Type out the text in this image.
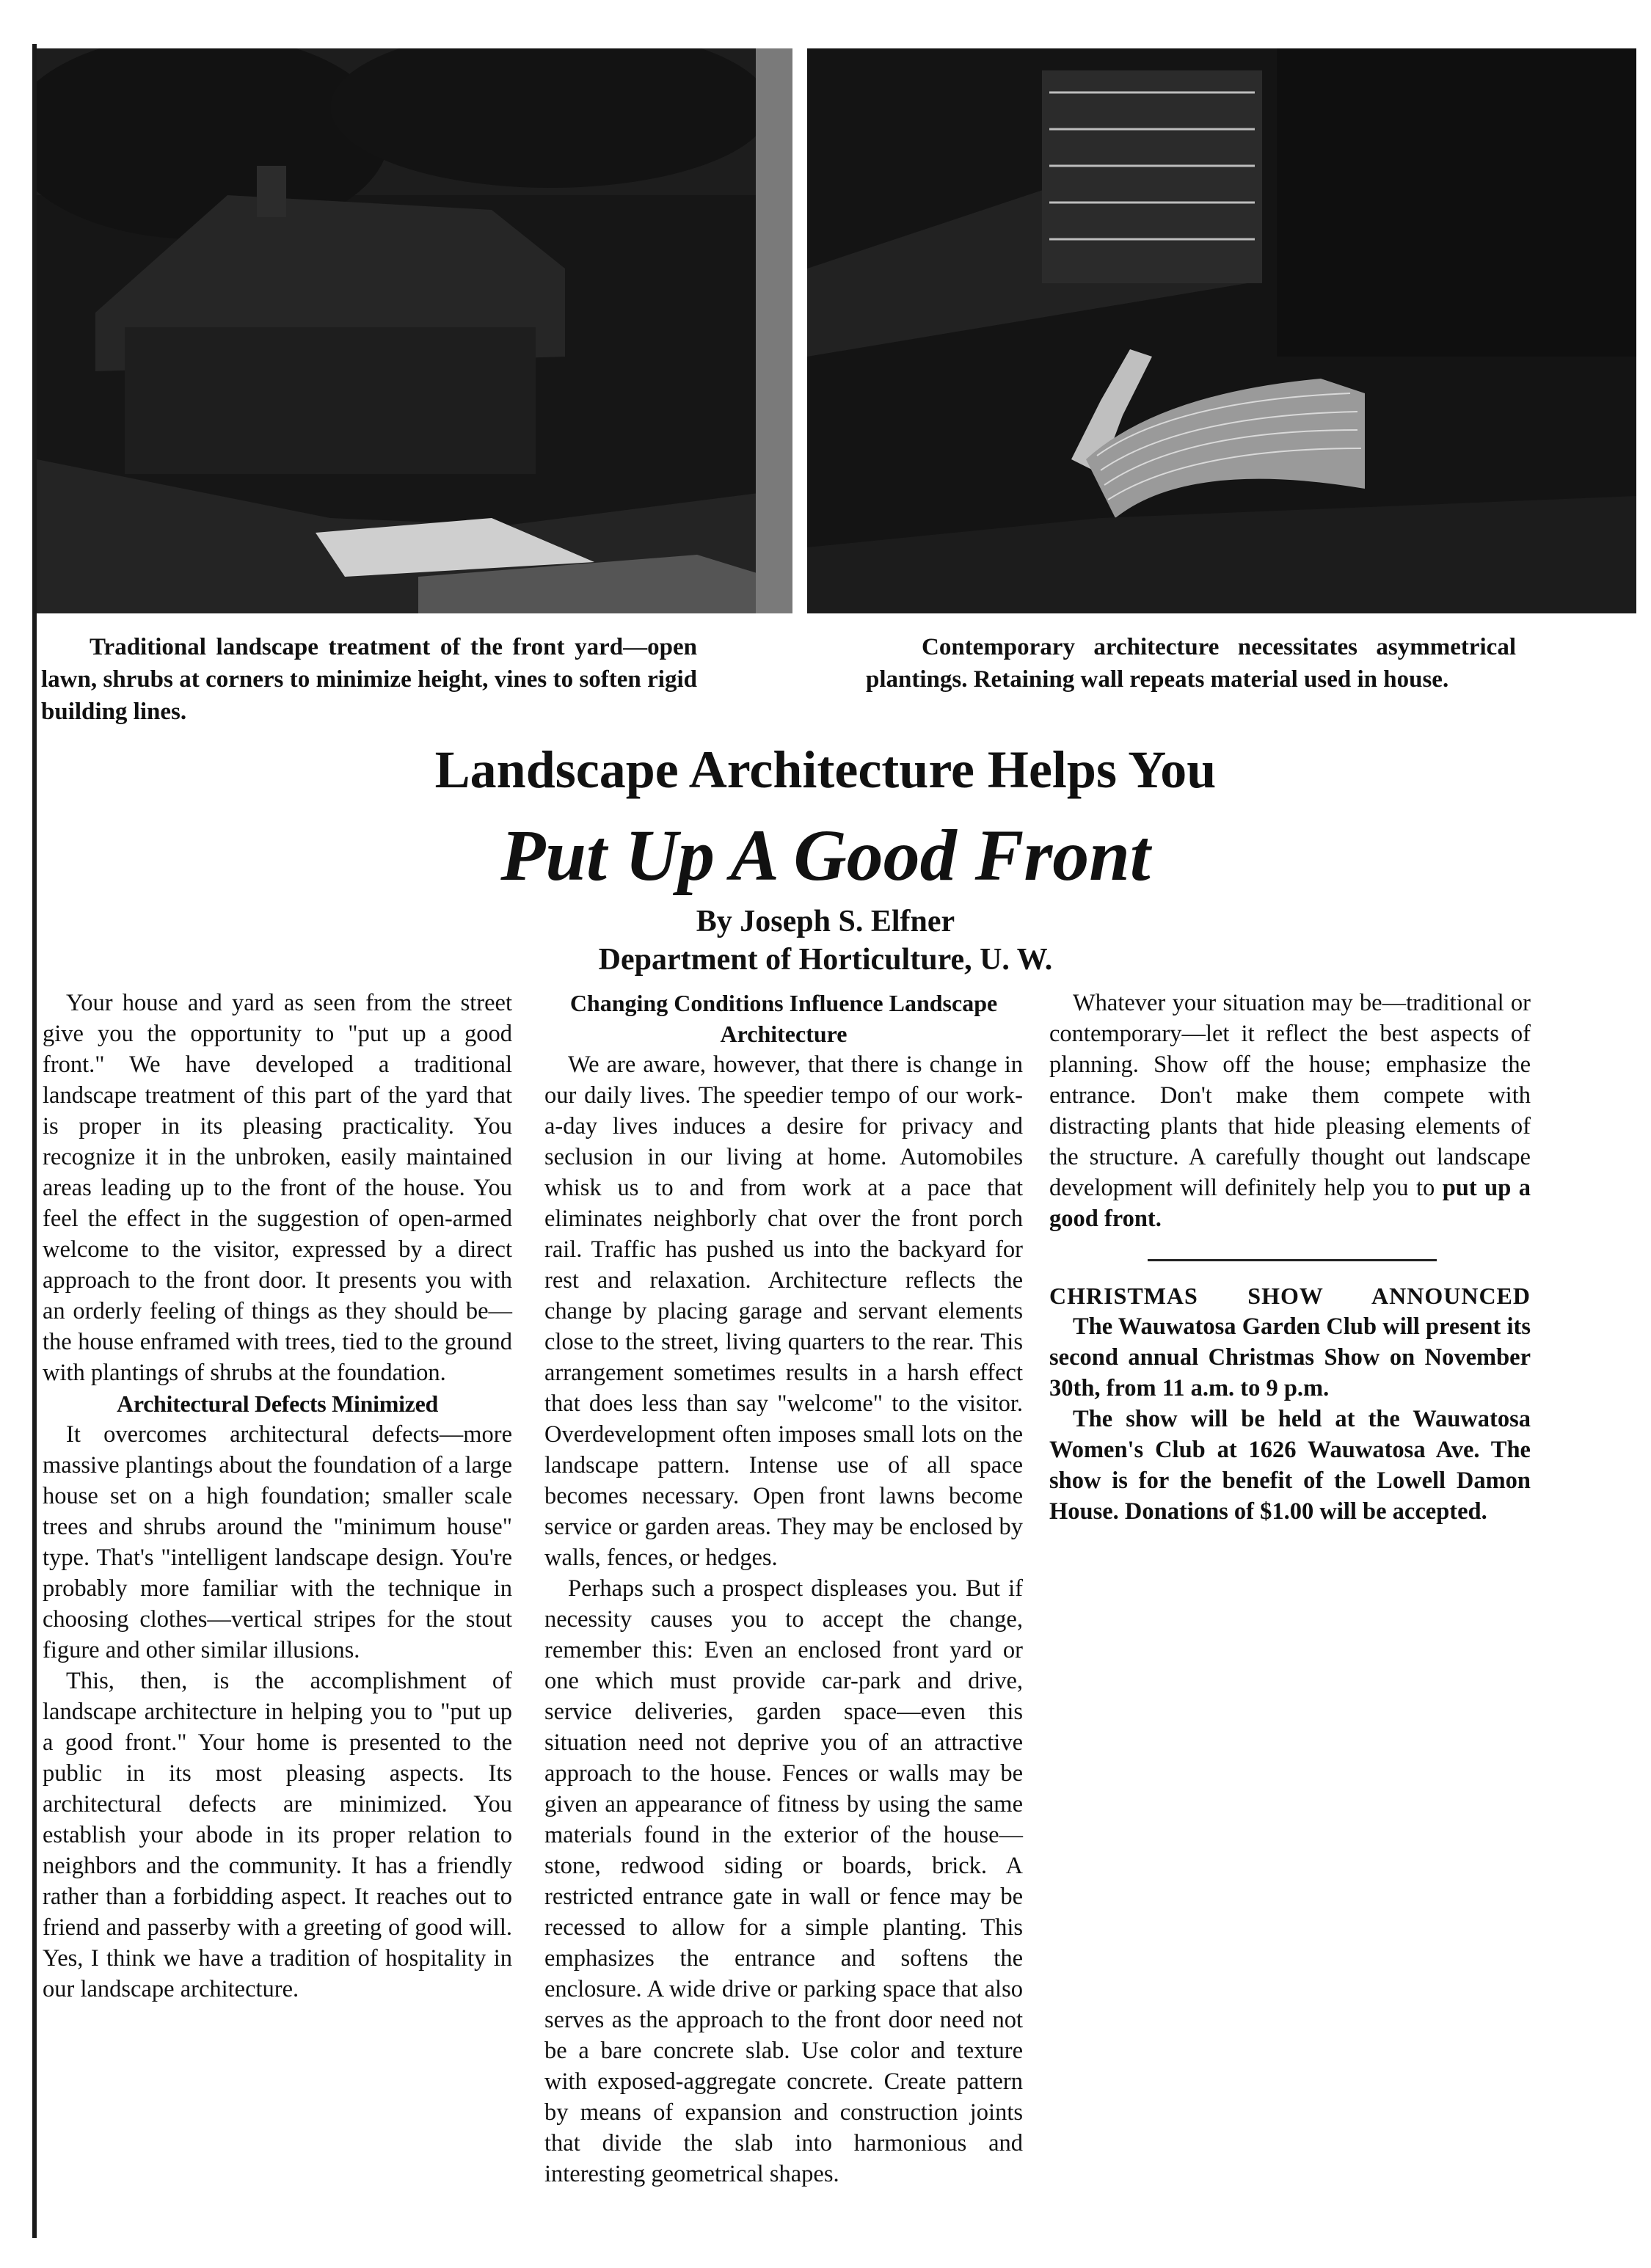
Traditional landscape treatment of the front yard—open lawn, shrubs at corners to minimize height, vines to soften rigid building lines.
Contemporary architecture necessitates asymmetrical plantings. Retaining wall repeats material used in house.
Landscape Architecture Helps You
Put Up A Good Front
By Joseph S. Elfner
Department of Horticulture, U. W.

Your house and yard as seen from the street give you the opportunity to "put up a good front." We have developed a traditional landscape treatment of this part of the yard that is proper in its pleasing practicality. You recognize it in the unbroken, easily maintained areas leading up to the front of the house. You feel the effect in the suggestion of open-armed welcome to the visitor, expressed by a direct approach to the front door. It presents you with an orderly feeling of things as they should be—the house enframed with trees, tied to the ground with plantings of shrubs at the foundation.

Architectural Defects Minimized

It overcomes architectural defects—more massive plantings about the foundation of a large house set on a high foundation; smaller scale trees and shrubs around the "minimum house" type. That's "intelligent landscape design. You're probably more familiar with the technique in choosing clothes—vertical stripes for the stout figure and other similar illusions.

This, then, is the accomplishment of landscape architecture in helping you to "put up a good front." Your home is presented to the public in its most pleasing aspects. Its architectural defects are minimized. You establish your abode in its proper relation to neighbors and the community. It has a friendly rather than a forbidding aspect. It reaches out to friend and passerby with a greeting of good will. Yes, I think we have a tradition of hospitality in our landscape architecture.

Changing Conditions Influence Landscape Architecture

We are aware, however, that there is change in our daily lives. The speedier tempo of our work-a-day lives induces a desire for privacy and seclusion in our living at home. Automobiles whisk us to and from work at a pace that eliminates neighborly chat over the front porch rail. Traffic has pushed us into the backyard for rest and relaxation. Architecture reflects the change by placing garage and servant elements close to the street, living quarters to the rear. This arrangement sometimes results in a harsh effect that does less than say "welcome" to the visitor. Overdevelopment often imposes small lots on the landscape pattern. Intense use of all space becomes necessary. Open front lawns become service or garden areas. They may be enclosed by walls, fences, or hedges.

Perhaps such a prospect displeases you. But if necessity causes you to accept the change, remember this: Even an enclosed front yard or one which must provide car-park and drive, service deliveries, garden space—even this situation need not deprive you of an attractive approach to the house. Fences or walls may be given an appearance of fitness by using the same materials found in the exterior of the house—stone, redwood siding or boards, brick. A restricted entrance gate in wall or fence may be recessed to allow for a simple planting. This emphasizes the entrance and softens the enclosure. A wide drive or parking space that also serves as the approach to the front door need not be a bare concrete slab. Use color and texture with exposed-aggregate concrete. Create pattern by means of expansion and construction joints that divide the slab into harmonious and interesting geometrical shapes.

Whatever your situation may be—traditional or contemporary—let it reflect the best aspects of planning. Show off the house; emphasize the entrance. Don't make them compete with distracting plants that hide pleasing elements of the structure. A carefully thought out landscape development will definitely help you to put up a good front.

CHRISTMAS SHOW ANNOUNCED

The Wauwatosa Garden Club will present its second annual Christmas Show on November 30th, from 11 a.m. to 9 p.m.

The show will be held at the Wauwatosa Women's Club at 1626 Wauwatosa Ave. The show is for the benefit of the Lowell Damon House. Donations of $1.00 will be accepted.
